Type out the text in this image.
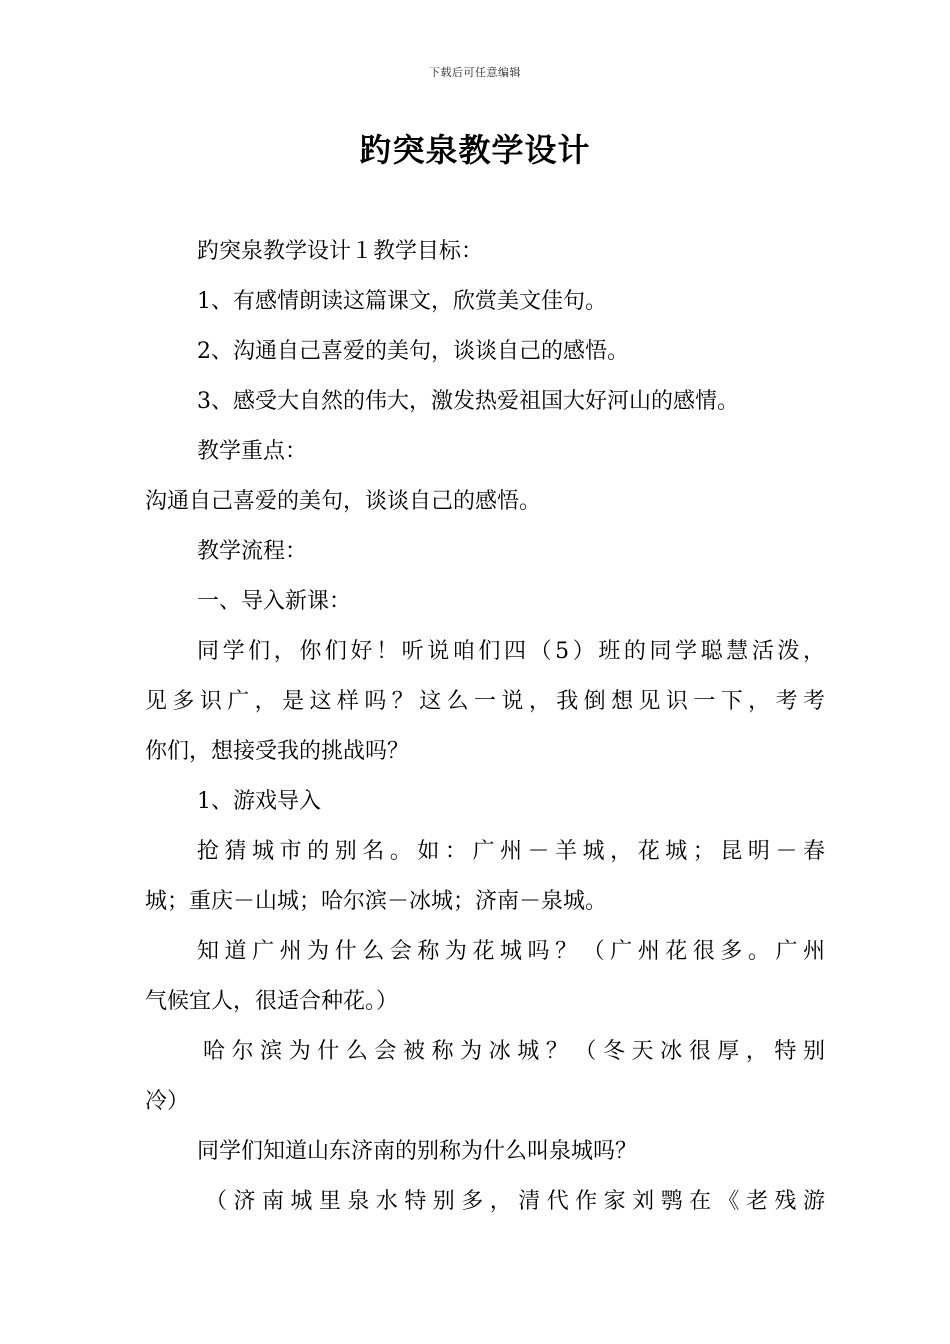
下载后可任意编辑
趵突泉教学设计
趵突泉教学设计１教学目标：
1、有感情朗读这篇课文，欣赏美文佳句。
2、沟通自己喜爱的美句，谈谈自己的感悟。
3、感受大自然的伟大，激发热爱祖国大好河山的感情。
教学重点：
沟通自己喜爱的美句，谈谈自己的感悟。
教学流程：
一、导入新课：
同学们，你们好！听说咱们四（5）班的同学聪慧活泼，
见多识广，是这样吗？这么一说，我倒想见识一下，考考
你们，想接受我的挑战吗？
1、游戏导入
抢猜城市的别名。如：广州－羊城，花城；昆明－春
城；重庆－山城；哈尔滨－冰城；济南－泉城。
知道广州为什么会称为花城吗？（广州花很多。广州
气候宜人，很适合种花。）
哈尔滨为什么会被称为冰城？（冬天冰很厚，特别
冷）
同学们知道山东济南的别称为什么叫泉城吗？
（济南城里泉水特别多，清代作家刘鹗在《老残游
